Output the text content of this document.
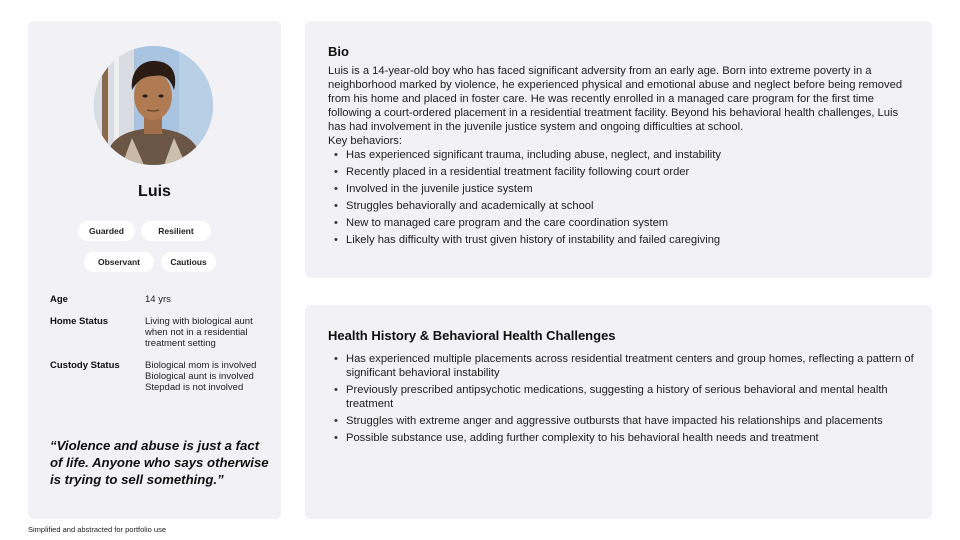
Luis
Guarded	Resilient
Observant	Cautious
Age	14 yrs
Home Status	Living with biological aunt when not in a residential treatment setting
Custody Status	Biological mom is involved
Biological aunt is involved
Stepdad is not involved
“Violence and abuse is just a fact of life. Anyone who says otherwise is trying to sell something.”
Bio
Luis is a 14-year-old boy who has faced significant adversity from an early age. Born into extreme poverty in a neighborhood marked by violence, he experienced physical and emotional abuse and neglect before being removed from his home and placed in foster care. He was recently enrolled in a managed care program for the first time following a court-ordered placement in a residential treatment facility. Beyond his behavioral health challenges, Luis has had involvement in the juvenile justice system and ongoing difficulties at school.
Key behaviors:
• Has experienced significant trauma, including abuse, neglect, and instability
• Recently placed in a residential treatment facility following court order
• Involved in the juvenile justice system
• Struggles behaviorally and academically at school
• New to managed care program and the care coordination system
• Likely has difficulty with trust given history of instability and failed caregiving
Health History & Behavioral Health Challenges
• Has experienced multiple placements across residential treatment centers and group homes, reflecting a pattern of significant behavioral instability
• Previously prescribed antipsychotic medications, suggesting a history of serious behavioral and mental health treatment
• Struggles with extreme anger and aggressive outbursts that have impacted his relationships and placements
• Possible substance use, adding further complexity to his behavioral health needs and treatment
Simplified and abstracted for portfolio use
